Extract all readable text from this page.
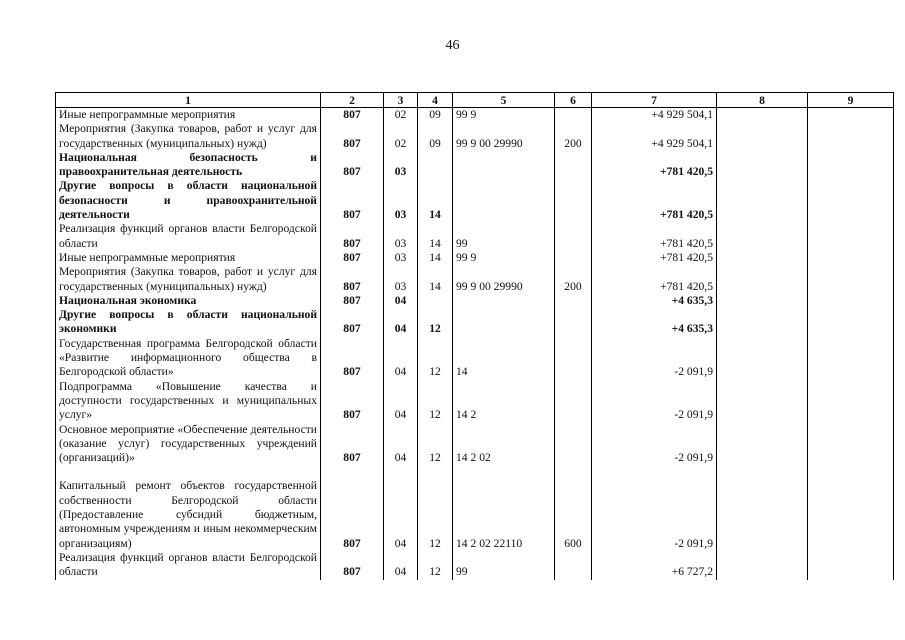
46
1	2	3	4	5	6	7	8	9
Иные непрограммные мероприятия	807	02	09	99 9		+4 929 504,1		
Мероприятия (Закупка товаров, работ и услуг для государственных (муниципальных) нужд)	807	02	09	99 9 00 29990	200	+4 929 504,1		
Национальная безопасность и правоохранительная деятельность	807	03				+781 420,5		
Другие вопросы в области национальной безопасности и правоохранительной деятельности	807	03	14			+781 420,5		
Реализация функций органов власти Белгородской области	807	03	14	99		+781 420,5		
Иные непрограммные мероприятия	807	03	14	99 9		+781 420,5		
Мероприятия (Закупка товаров, работ и услуг для государственных (муниципальных) нужд)	807	03	14	99 9 00 29990	200	+781 420,5		
Национальная экономика	807	04				+4 635,3		
Другие вопросы в области национальной экономики	807	04	12			+4 635,3		
Государственная программа Белгородской области «Развитие информационного общества в Белгородской области»	807	04	12	14		-2 091,9		
Подпрограмма «Повышение качества и доступности государственных и муниципальных услуг»	807	04	12	14 2		-2 091,9		
Основное мероприятие «Обеспечение деятельности (оказание услуг) государственных учреждений (организаций)»	807	04	12	14 2 02		-2 091,9		

Капитальный ремонт объектов государственной собственности Белгородской области (Предоставление субсидий бюджетным, автономным учреждениям и иным некоммерческим организациям)	807	04	12	14 2 02 22110	600	-2 091,9		
Реализация функций органов власти Белгородской области	807	04	12	99		+6 727,2		
